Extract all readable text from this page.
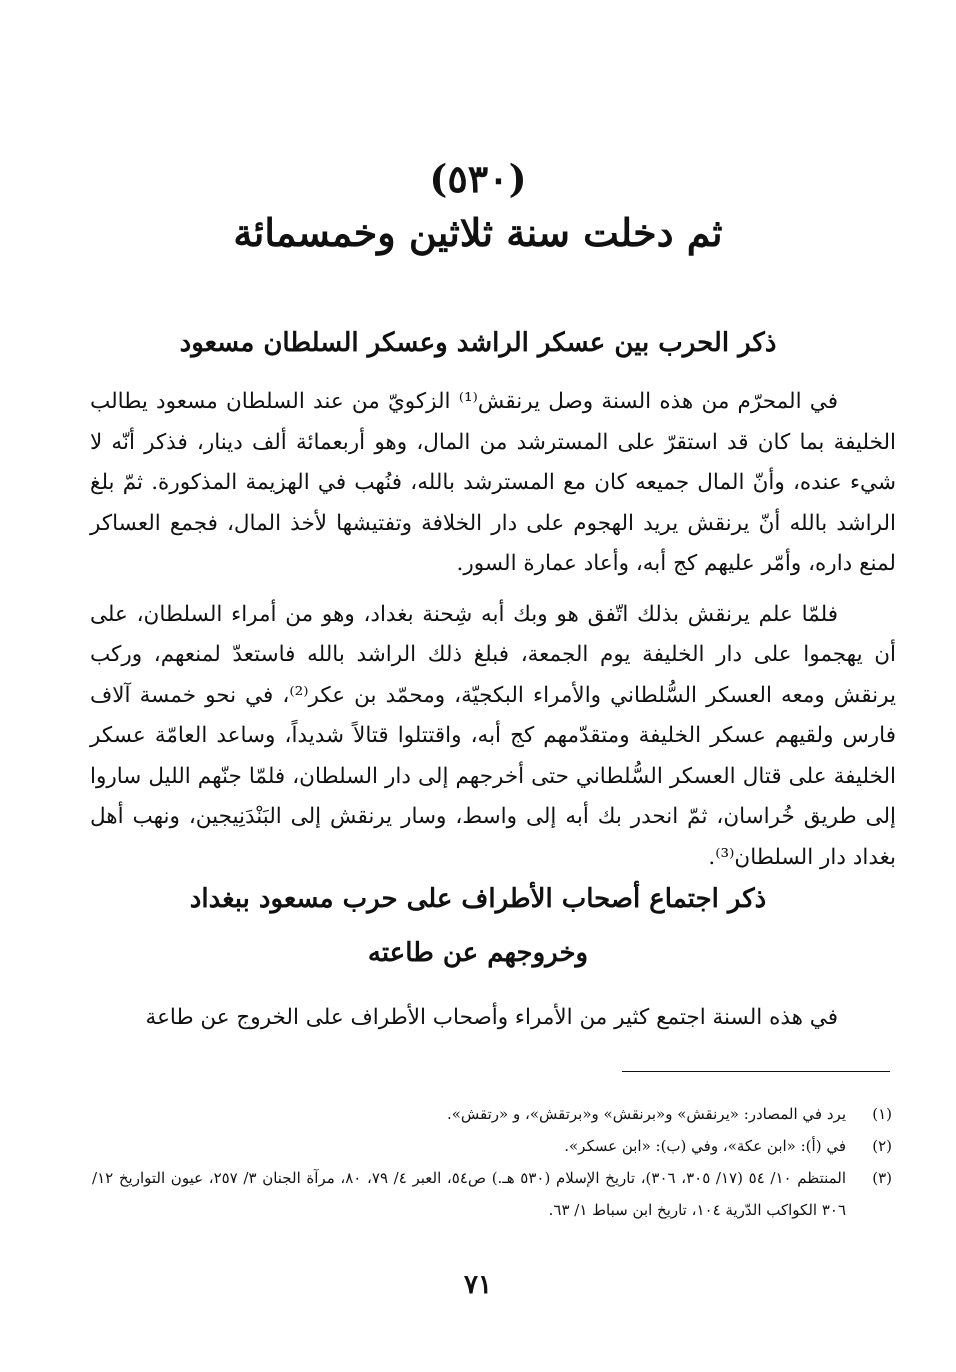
(٥٣٠)
ثم دخلت سنة ثلاثين وخمسمائة
ذكر الحرب بين عسكر الراشد وعسكر السلطان مسعود

في المحرّم من هذه السنة وصل يرنقش⁽¹⁾ الزكويّ من عند السلطان مسعود يطالب الخليفة بما كان قد استقرّ على المسترشد من المال، وهو أربعمائة ألف دينار، فذكر أنّه لا شيء عنده، وأنّ المال جميعه كان مع المسترشد بالله، فنُهب في الهزيمة المذكورة. ثمّ بلغ الراشد بالله أنّ يرنقش يريد الهجوم على دار الخلافة وتفتيشها لأخذ المال، فجمع العساكر لمنع داره، وأمّر عليهم كج أبه، وأعاد عمارة السور.

فلمّا علم يرنقش بذلك اتّفق هو وبك أبه شِحنة بغداد، وهو من أمراء السلطان، على أن يهجموا على دار الخليفة يوم الجمعة، فبلغ ذلك الراشد بالله فاستعدّ لمنعهم، وركب يرنقش ومعه العسكر السُّلطاني والأمراء البكجيّة، ومحمّد بن عكر⁽²⁾، في نحو خمسة آلاف فارس ولقيهم عسكر الخليفة ومتقدّمهم كج أبه، واقتتلوا قتالاً شديداً، وساعد العامّة عسكر الخليفة على قتال العسكر السُّلطاني حتى أخرجهم إلى دار السلطان، فلمّا جنّهم الليل ساروا إلى طريق خُراسان، ثمّ انحدر بك أبه إلى واسط، وسار يرنقش إلى البَنْدَنِيجين، ونهب أهل بغداد دار السلطان⁽³⁾.

ذكر اجتماع أصحاب الأطراف على حرب مسعود ببغداد
وخروجهم عن طاعته

في هذه السنة اجتمع كثير من الأمراء وأصحاب الأطراف على الخروج عن طاعة

(١)
يرد في المصادر: «يرنقش» و«برنقش» و«برتقش»، و «رتقش».
(٢)
في (أ): «ابن عكة»، وفي (ب): «ابن عسكر».
(٣)
المنتظم ١٠/ ٥٤ (١٧/ ٣٠٥، ٣٠٦)، تاريخ الإسلام (٥٣٠ هـ.) ص٥٤، العبر ٤/ ٧٩، ٨٠، مرآة الجنان ٣/ ٢٥٧، عيون التواريخ ١٢/ ٣٠٦ الكواكب الدّرية ١٠٤، تاريخ ابن سباط ١/ ٦٣.
٧١
